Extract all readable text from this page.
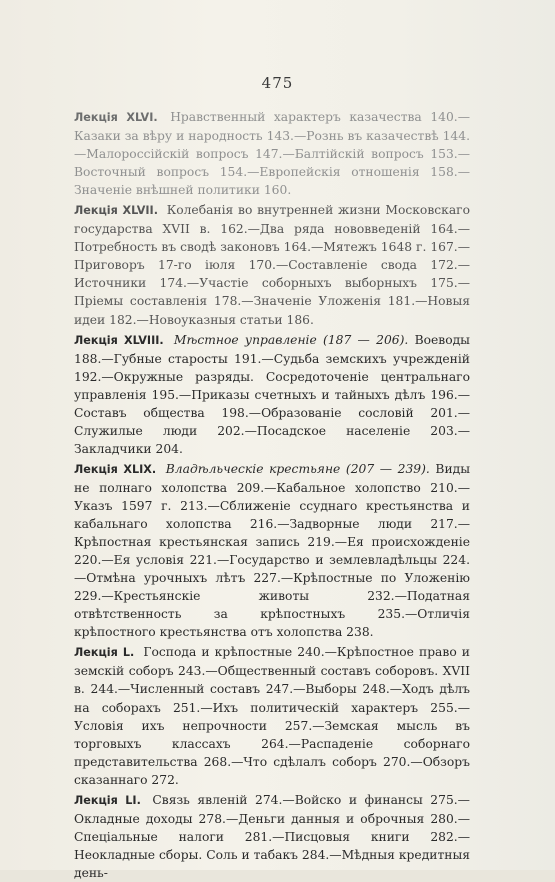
475

Лекція XLVI. Нравственный характеръ казачества 140.—Казаки за вѣру и народность 143.—Рознь въ казачествѣ 144.—Малороссійскій вопросъ 147.—Балтійскій вопросъ 153.—Восточный вопросъ 154.—Европейскія отношенія 158.—Значеніе внѣшней политики 160.

Лекція XLVII. Колебанія во внутренней жизни Московскаго государства XVII в. 162.—Два ряда нововведеній 164.—Потребность въ сводѣ законовъ 164.—Мятежъ 1648 г. 167.—Приговоръ 17-го іюля 170.—Составленіе свода 172.—Источники 174.—Участіе соборныхъ выборныхъ 175.—Пріемы составленія 178.—Значеніе Уложенія 181.—Новыя идеи 182.—Новоуказныя статьи 186.

Лекція XLVIII. Мѣстное управленіе (187 — 206). Воеводы 188.—Губные старосты 191.—Судьба земскихъ учрежденій 192.—Окружные разряды. Сосредоточеніе центральнаго управленія 195.—Приказы счетныхъ и тайныхъ дѣлъ 196.—Составъ общества 198.—Образованіе сословій 201.—Служилые люди 202.—Посадское населеніе 203.—Закладчики 204.

Лекція XLIX. Владѣльческіе крестьяне (207 — 239). Виды не полнаго холопства 209.—Кабальное холопство 210.—Указъ 1597 г. 213.—Сближеніе ссуднаго крестьянства и кабальнаго холопства 216.—Задворные люди 217.—Крѣпостная крестьянская запись 219.—Ея происхожденіе 220.—Ея условія 221.—Государство и землевладѣльцы 224.—Отмѣна урочныхъ лѣтъ 227.—Крѣпостные по Уложенію 229.—Крестьянскіе животы 232.—Податная отвѣтственность за крѣпостныхъ 235.—Отличія крѣпостного крестьянства отъ холопства 238.

Лекція L. Господа и крѣпостные 240.—Крѣпостное право и земскій соборъ 243.—Общественный составъ соборовъ. XVII в. 244.—Численный составъ 247.—Выборы 248.—Ходъ дѣлъ на соборахъ 251.—Ихъ политическій характеръ 255.—Условія ихъ непрочности 257.—Земская мысль въ торговыхъ классахъ 264.—Распаденіе соборнаго представительства 268.—Что сдѣлалъ соборъ 270.—Обзоръ сказаннаго 272.

Лекція LI. Связь явленій 274.—Войско и финансы 275.—Окладные доходы 278.—Деньги данныя и оброчныя 280.—Спеціальные налоги 281.—Писцовыя книги 282.—Неокладные сборы. Соль и табакъ 284.—Мѣдныя кредитныя день-
